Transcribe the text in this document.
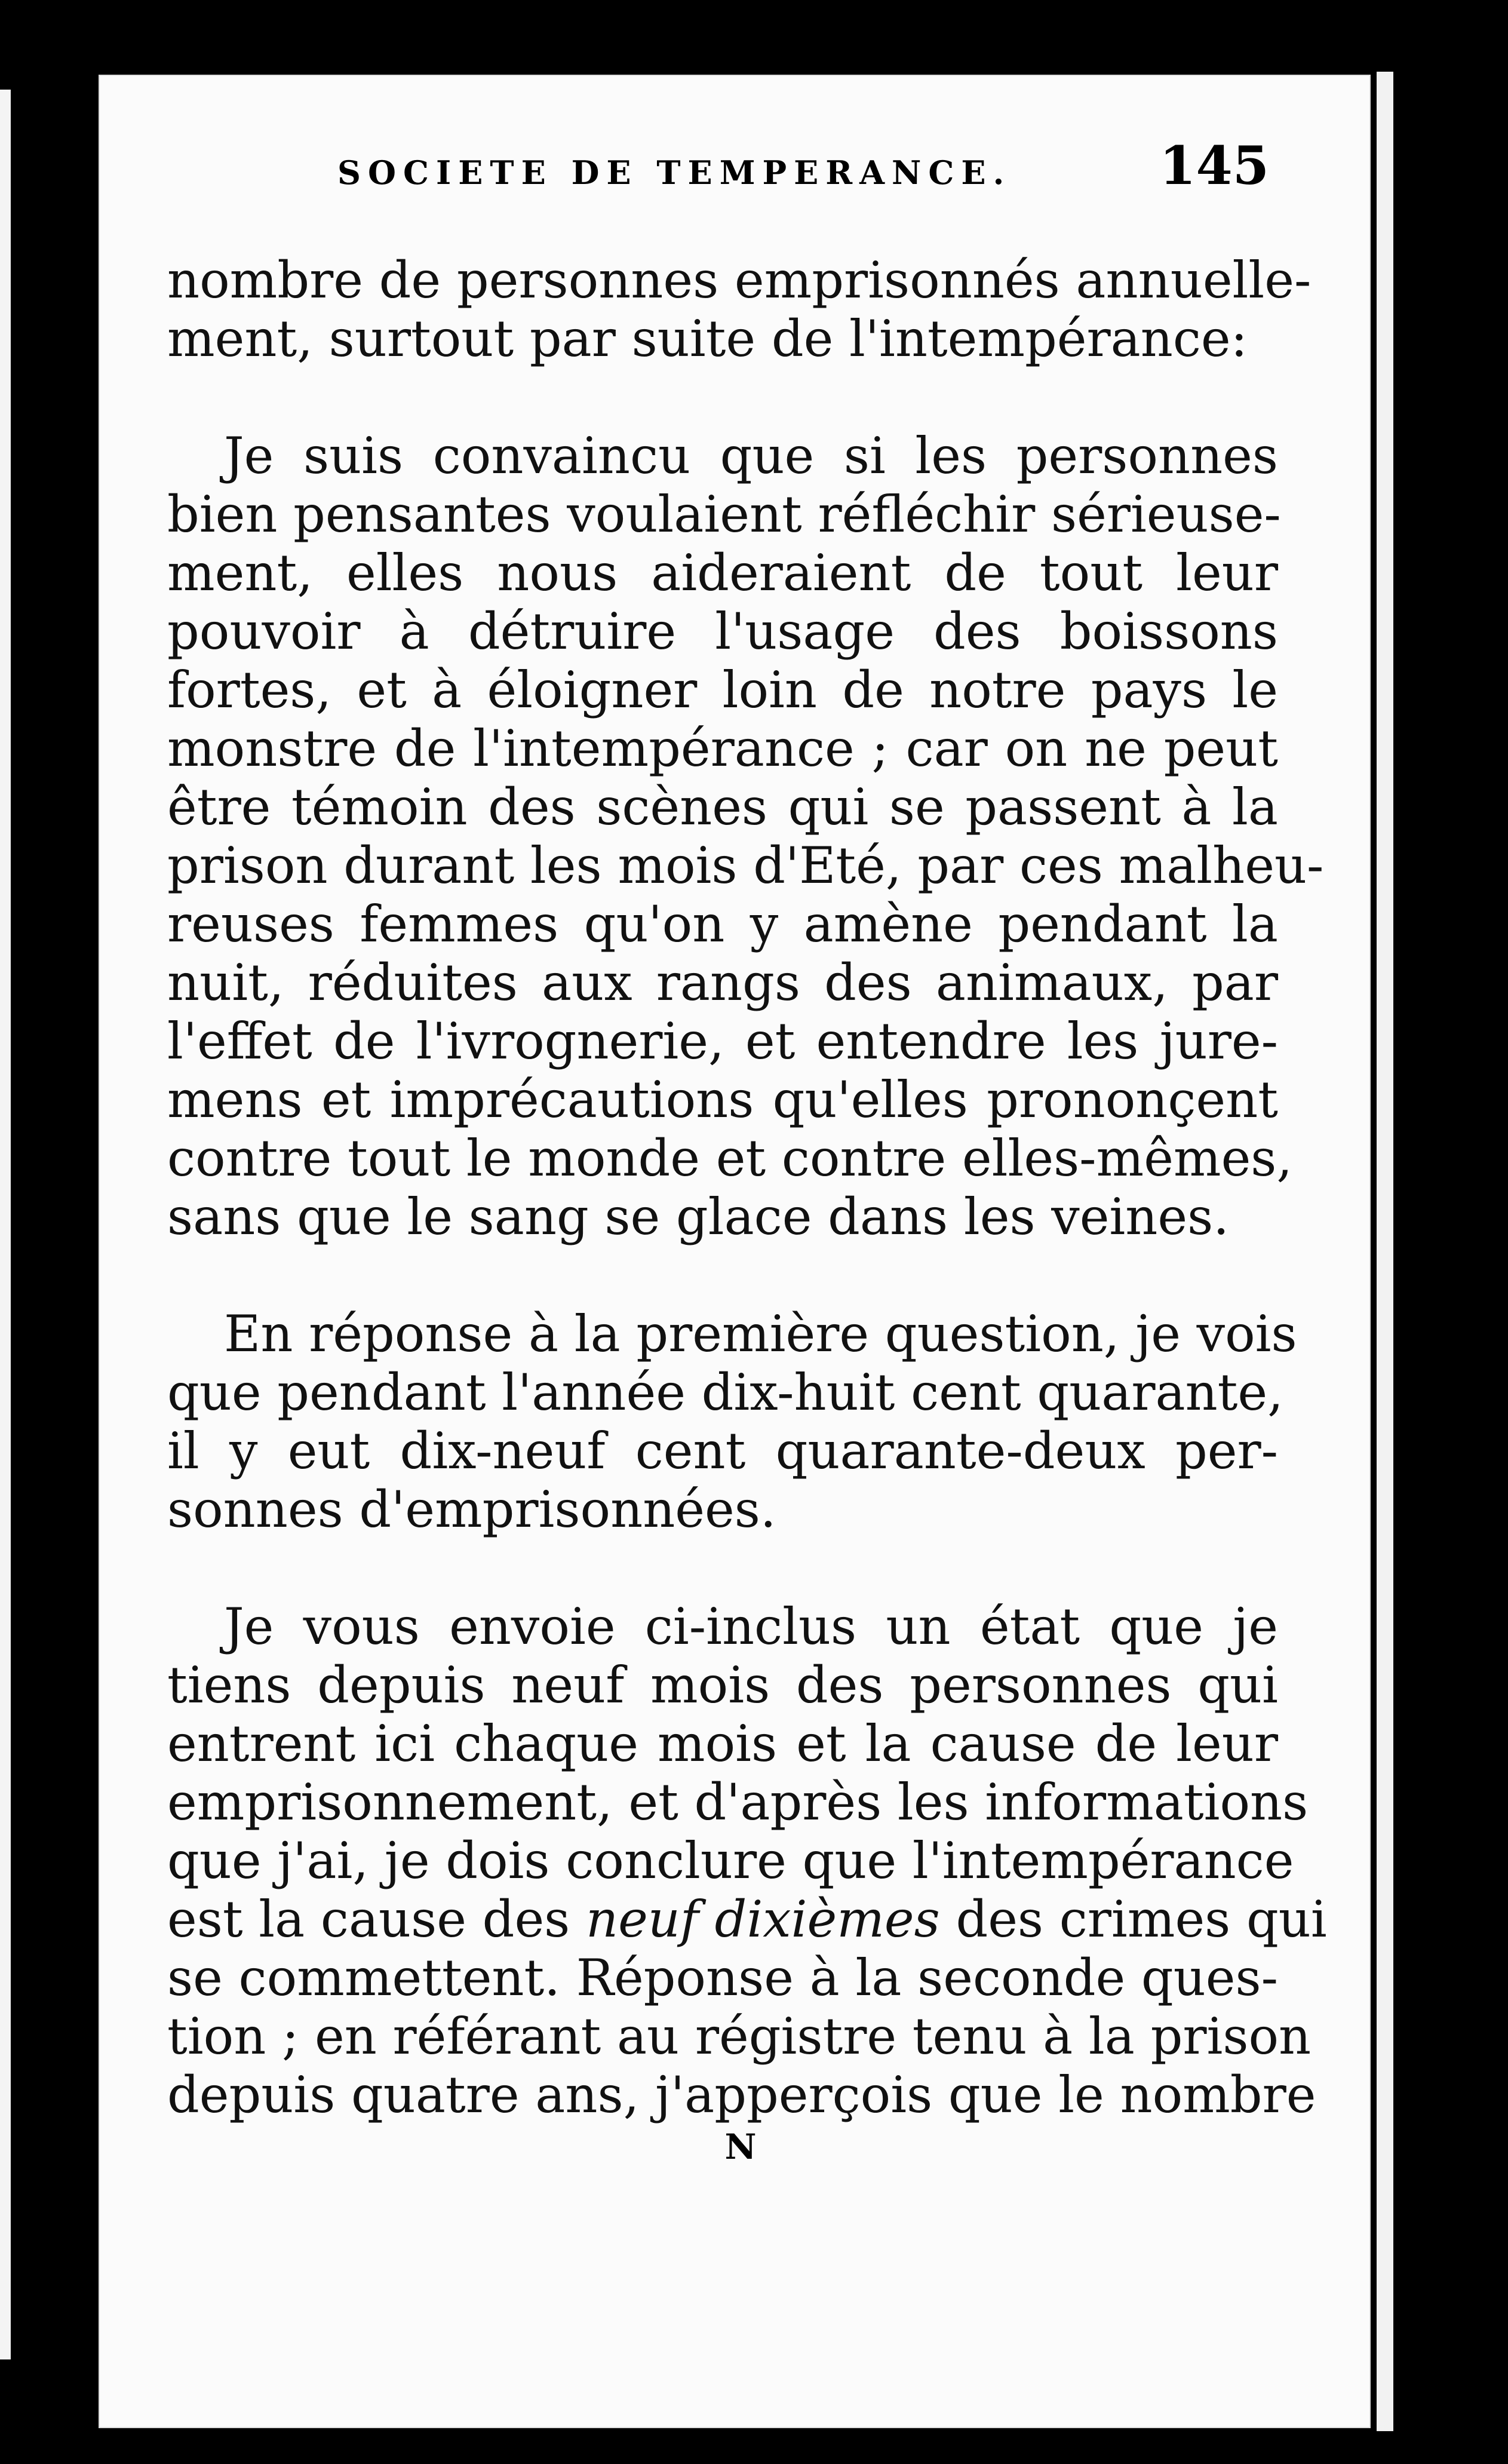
SOCIETE DE TEMPERANCE.	145
nombre de personnes emprisonnés annuelle-
ment, surtout par suite de l'intempérance:
Je suis convaincu que si les personnes
bien pensantes voulaient réfléchir sérieuse-
ment, elles nous aideraient de tout leur
pouvoir à détruire l'usage des boissons
fortes, et à éloigner loin de notre pays le
monstre de l'intempérance ; car on ne peut
être témoin des scènes qui se passent à la
prison durant les mois d'Eté, par ces malheu-
reuses femmes qu'on y amène pendant la
nuit, réduites aux rangs des animaux, par
l'effet de l'ivrognerie, et entendre les jure-
mens et imprécautions qu'elles prononçent
contre tout le monde et contre elles-mêmes,
sans que le sang se glace dans les veines.
En réponse à la première question, je vois
que pendant l'année dix-huit cent quarante,
il y eut dix-neuf cent quarante-deux per-
sonnes d'emprisonnées.
Je vous envoie ci-inclus un état que je
tiens depuis neuf mois des personnes qui
entrent ici chaque mois et la cause de leur
emprisonnement, et d'après les informations
que j'ai, je dois conclure que l'intempérance
est la cause des neuf dixièmes des crimes qui
se commettent. Réponse à la seconde ques-
tion ; en référant au régistre tenu à la prison
depuis quatre ans, j'apperçois que le nombre
N
